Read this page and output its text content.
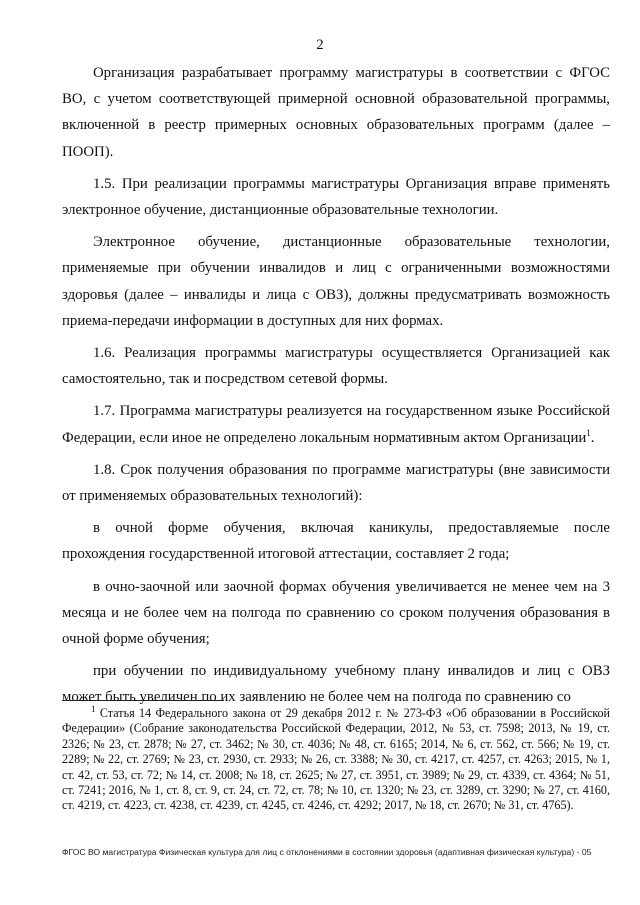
2

Организация разрабатывает программу магистратуры в соответствии с ФГОС ВО, с учетом соответствующей примерной основной образовательной программы, включенной в реестр примерных основных образовательных программ (далее – ПООП).

1.5. При реализации программы магистратуры Организация вправе применять электронное обучение, дистанционные образовательные технологии.

Электронное обучение, дистанционные образовательные технологии, применяемые при обучении инвалидов и лиц с ограниченными возможностями здоровья (далее – инвалиды и лица с ОВЗ), должны предусматривать возможность приема-передачи информации в доступных для них формах.

1.6. Реализация программы магистратуры осуществляется Организацией как самостоятельно, так и посредством сетевой формы.

1.7. Программа магистратуры реализуется на государственном языке Российской Федерации, если иное не определено локальным нормативным актом Организации$^1$.

1.8. Срок получения образования по программе магистратуры (вне зависимости от применяемых образовательных технологий):

в очной форме обучения, включая каникулы, предоставляемые после прохождения государственной итоговой аттестации, составляет 2 года;

в очно-заочной или заочной формах обучения увеличивается не менее чем на 3 месяца и не более чем на полгода по сравнению со сроком получения образования в очной форме обучения;

при обучении по индивидуальному учебному плану инвалидов и лиц с ОВЗ может быть увеличен по их заявлению не более чем на полгода по сравнению со

$^1$ Статья 14 Федерального закона от 29 декабря 2012 г. № 273-ФЗ «Об образовании в Российской Федерации» (Собрание законодательства Российской Федерации, 2012, № 53, ст. 7598; 2013, № 19, ст. 2326; № 23, ст. 2878; № 27, ст. 3462; № 30, ст. 4036; № 48, ст. 6165; 2014, № 6, ст. 562, ст. 566; № 19, ст. 2289; № 22, ст. 2769; № 23, ст. 2930, ст. 2933; № 26, ст. 3388; № 30, ст. 4217, ст. 4257, ст. 4263; 2015, № 1, ст. 42, ст. 53, ст. 72; № 14, ст. 2008; № 18, ст. 2625; № 27, ст. 3951, ст. 3989; № 29, ст. 4339, ст. 4364; № 51, ст. 7241; 2016, № 1, ст. 8, ст. 9, ст. 24, ст. 72, ст. 78; № 10, ст. 1320; № 23, ст. 3289, ст. 3290; № 27, ст. 4160, ст. 4219, ст. 4223, ст. 4238, ст. 4239, ст. 4245, ст. 4246, ст. 4292; 2017, № 18, ст. 2670; № 31, ст. 4765).

ФГОС ВО магистратура Физическая культура для лиц с отклонениями в состоянии здоровья (адаптивная физическая культура) - 05
